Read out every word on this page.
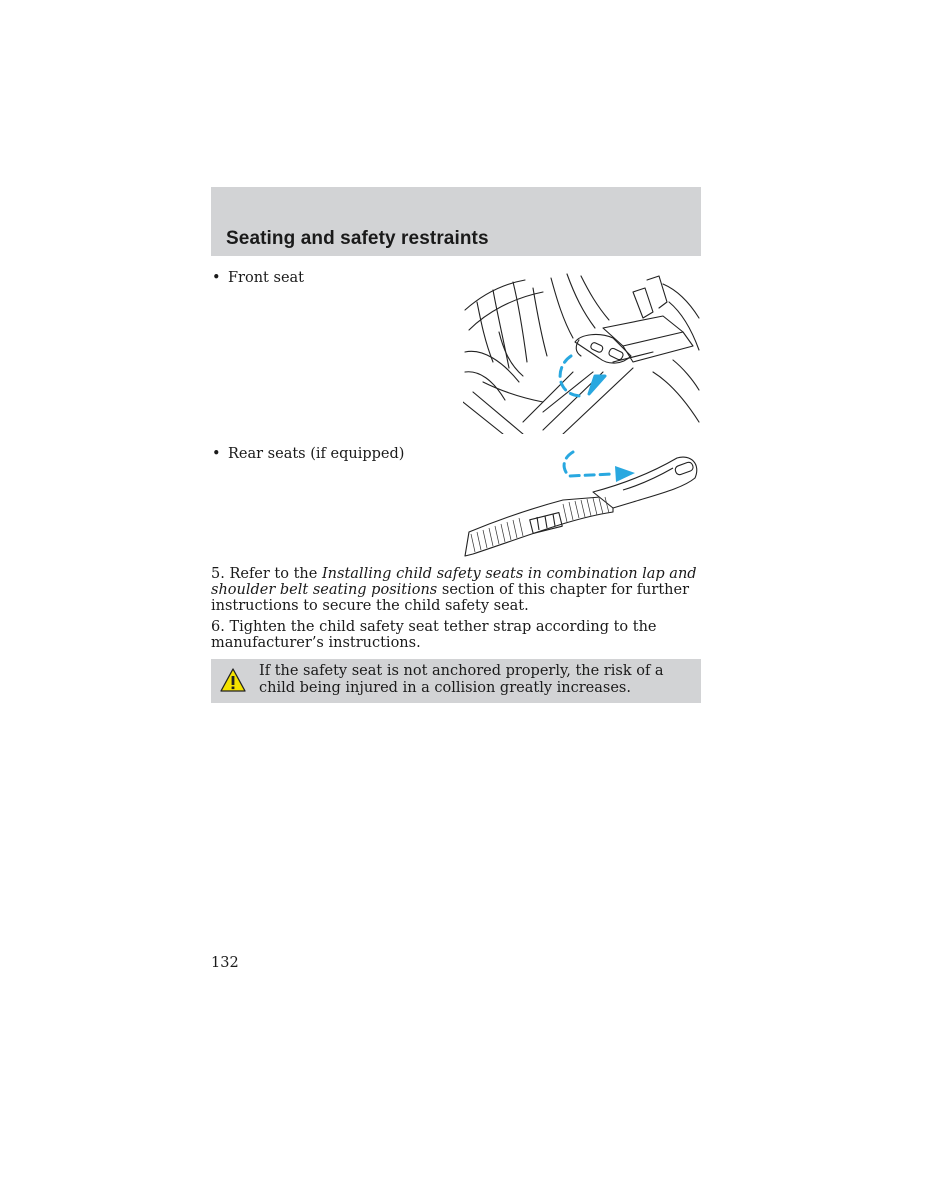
Seating and safety restraints
• Front seat
• Rear seats (if equipped)

5. Refer to the Installing child safety seats in combination lap and shoulder belt seating positions section of this chapter for further instructions to secure the child safety seat.

6. Tighten the child safety seat tether strap according to the manufacturer’s instructions.

If the safety seat is not anchored properly, the risk of a child being injured in a collision greatly increases.

132
